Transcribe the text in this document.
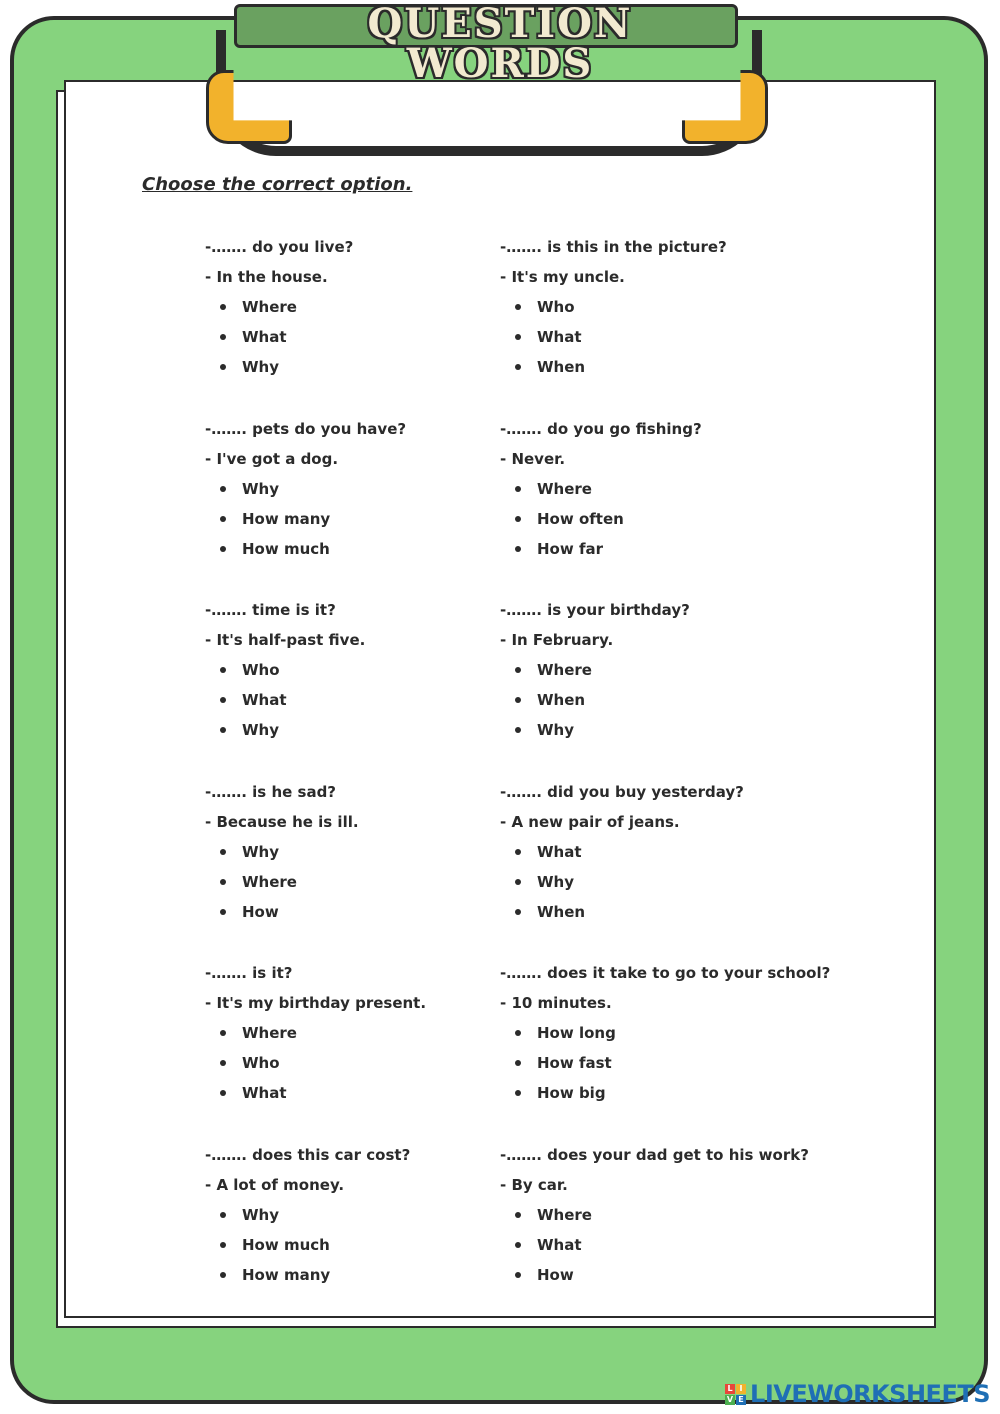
QUESTION
WORDS
Choose the correct option.
-……. do you live?
- In the house.
Where
What
Why
-……. is this in the picture?
- It's my uncle.
Who
What
When
-……. pets do you have?
- I've got a dog.
Why
How many
How much
-……. do you go fishing?
- Never.
Where
How often
How far
-……. time is it?
- It's half-past five.
Who
What
Why
-……. is your birthday?
- In February.
Where
When
Why
-……. is he sad?
- Because he is ill.
Why
Where
How
-……. did you buy yesterday?
- A new pair of jeans.
What
Why
When
-……. is it?
- It's my birthday present.
Where
Who
What
-……. does it take to go to your school?
- 10 minutes.
How long
How fast
How big
-……. does this car cost?
- A lot of money.
Why
How much
How many
-……. does your dad get to his work?
- By car.
Where
What
How
L I
V E LIVEWORKSHEETS
